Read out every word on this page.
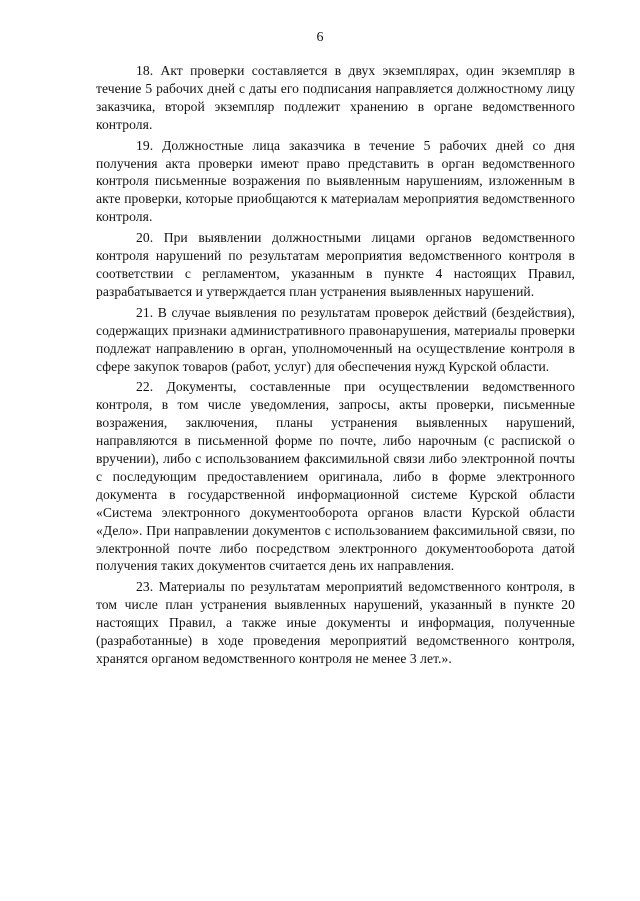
6

18. Акт проверки составляется в двух экземплярах, один экземпляр в течение 5 рабочих дней с даты его подписания направляется должностному лицу заказчика, второй экземпляр подлежит хранению в органе ведомственного контроля.

19. Должностные лица заказчика в течение 5 рабочих дней со дня получения акта проверки имеют право представить в орган ведомственного контроля письменные возражения по выявленным нарушениям, изложенным в акте проверки, которые приобщаются к материалам мероприятия ведомственного контроля.

20. При выявлении должностными лицами органов ведомственного контроля нарушений по результатам мероприятия ведомственного контроля в соответствии с регламентом, указанным в пункте 4 настоящих Правил, разрабатывается и утверждается план устранения выявленных нарушений.

21. В случае выявления по результатам проверок действий (бездействия), содержащих признаки административного правонарушения, материалы проверки подлежат направлению в орган, уполномоченный на осуществление контроля в сфере закупок товаров (работ, услуг) для обеспечения нужд Курской области.

22. Документы, составленные при осуществлении ведомственного контроля, в том числе уведомления, запросы, акты проверки, письменные возражения, заключения, планы устранения выявленных нарушений, направляются в письменной форме по почте, либо нарочным (с распиской о вручении), либо с использованием факсимильной связи либо электронной почты с последующим предоставлением оригинала, либо в форме электронного документа в государственной информационной системе Курской области «Система электронного документооборота органов власти Курской области «Дело». При направлении документов с использованием факсимильной связи, по электронной почте либо посредством электронного документооборота датой получения таких документов считается день их направления.

23. Материалы по результатам мероприятий ведомственного контроля, в том числе план устранения выявленных нарушений, указанный в пункте 20 настоящих Правил, а также иные документы и информация, полученные (разработанные) в ходе проведения мероприятий ведомственного контроля, хранятся органом ведомственного контроля не менее 3 лет.».
